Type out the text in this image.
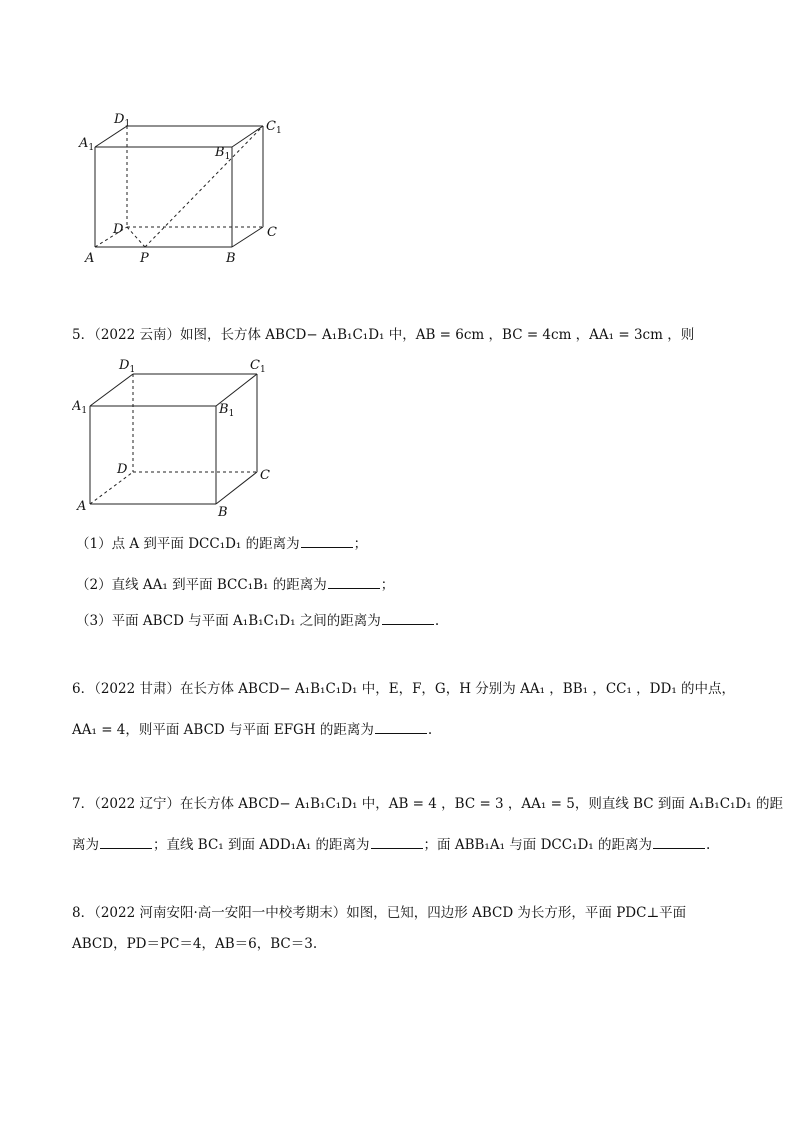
$A_1$
$D_1$	$C_1$
$B_1$
D	C
A	P	B
5．（2022 云南）如图，长方体 ABCD− A₁B₁C₁D₁ 中，AB = 6cm ，BC = 4cm ，AA₁ = 3cm ，则
$D_1$	$C_1$
$A_1$	$B_1$
D	C
A	B
（1）点 A 到平面 DCC₁D₁ 的距离为	；
（2）直线 AA₁ 到平面 BCC₁B₁ 的距离为	；
（3）平面 ABCD 与平面 A₁B₁C₁D₁ 之间的距离为	.
6．（2022 甘肃）在长方体 ABCD− A₁B₁C₁D₁ 中，E，F，G，H 分别为 AA₁ ，BB₁ ，CC₁ ，DD₁ 的中点，
AA₁ = 4，则平面 ABCD 与平面 EFGH 的距离为	.
7．（2022 辽宁）在长方体 ABCD− A₁B₁C₁D₁ 中，AB = 4 ，BC = 3 ，AA₁ = 5，则直线 BC 到面 A₁B₁C₁D₁ 的距
离为	；直线 BC₁ 到面 ADD₁A₁ 的距离为	；面 ABB₁A₁ 与面 DCC₁D₁ 的距离为	.
8．（2022 河南安阳·高一安阳一中校考期末）如图，已知，四边形 ABCD 为长方形，平面 PDC⊥平面
ABCD，PD＝PC＝4，AB＝6，BC＝3.
